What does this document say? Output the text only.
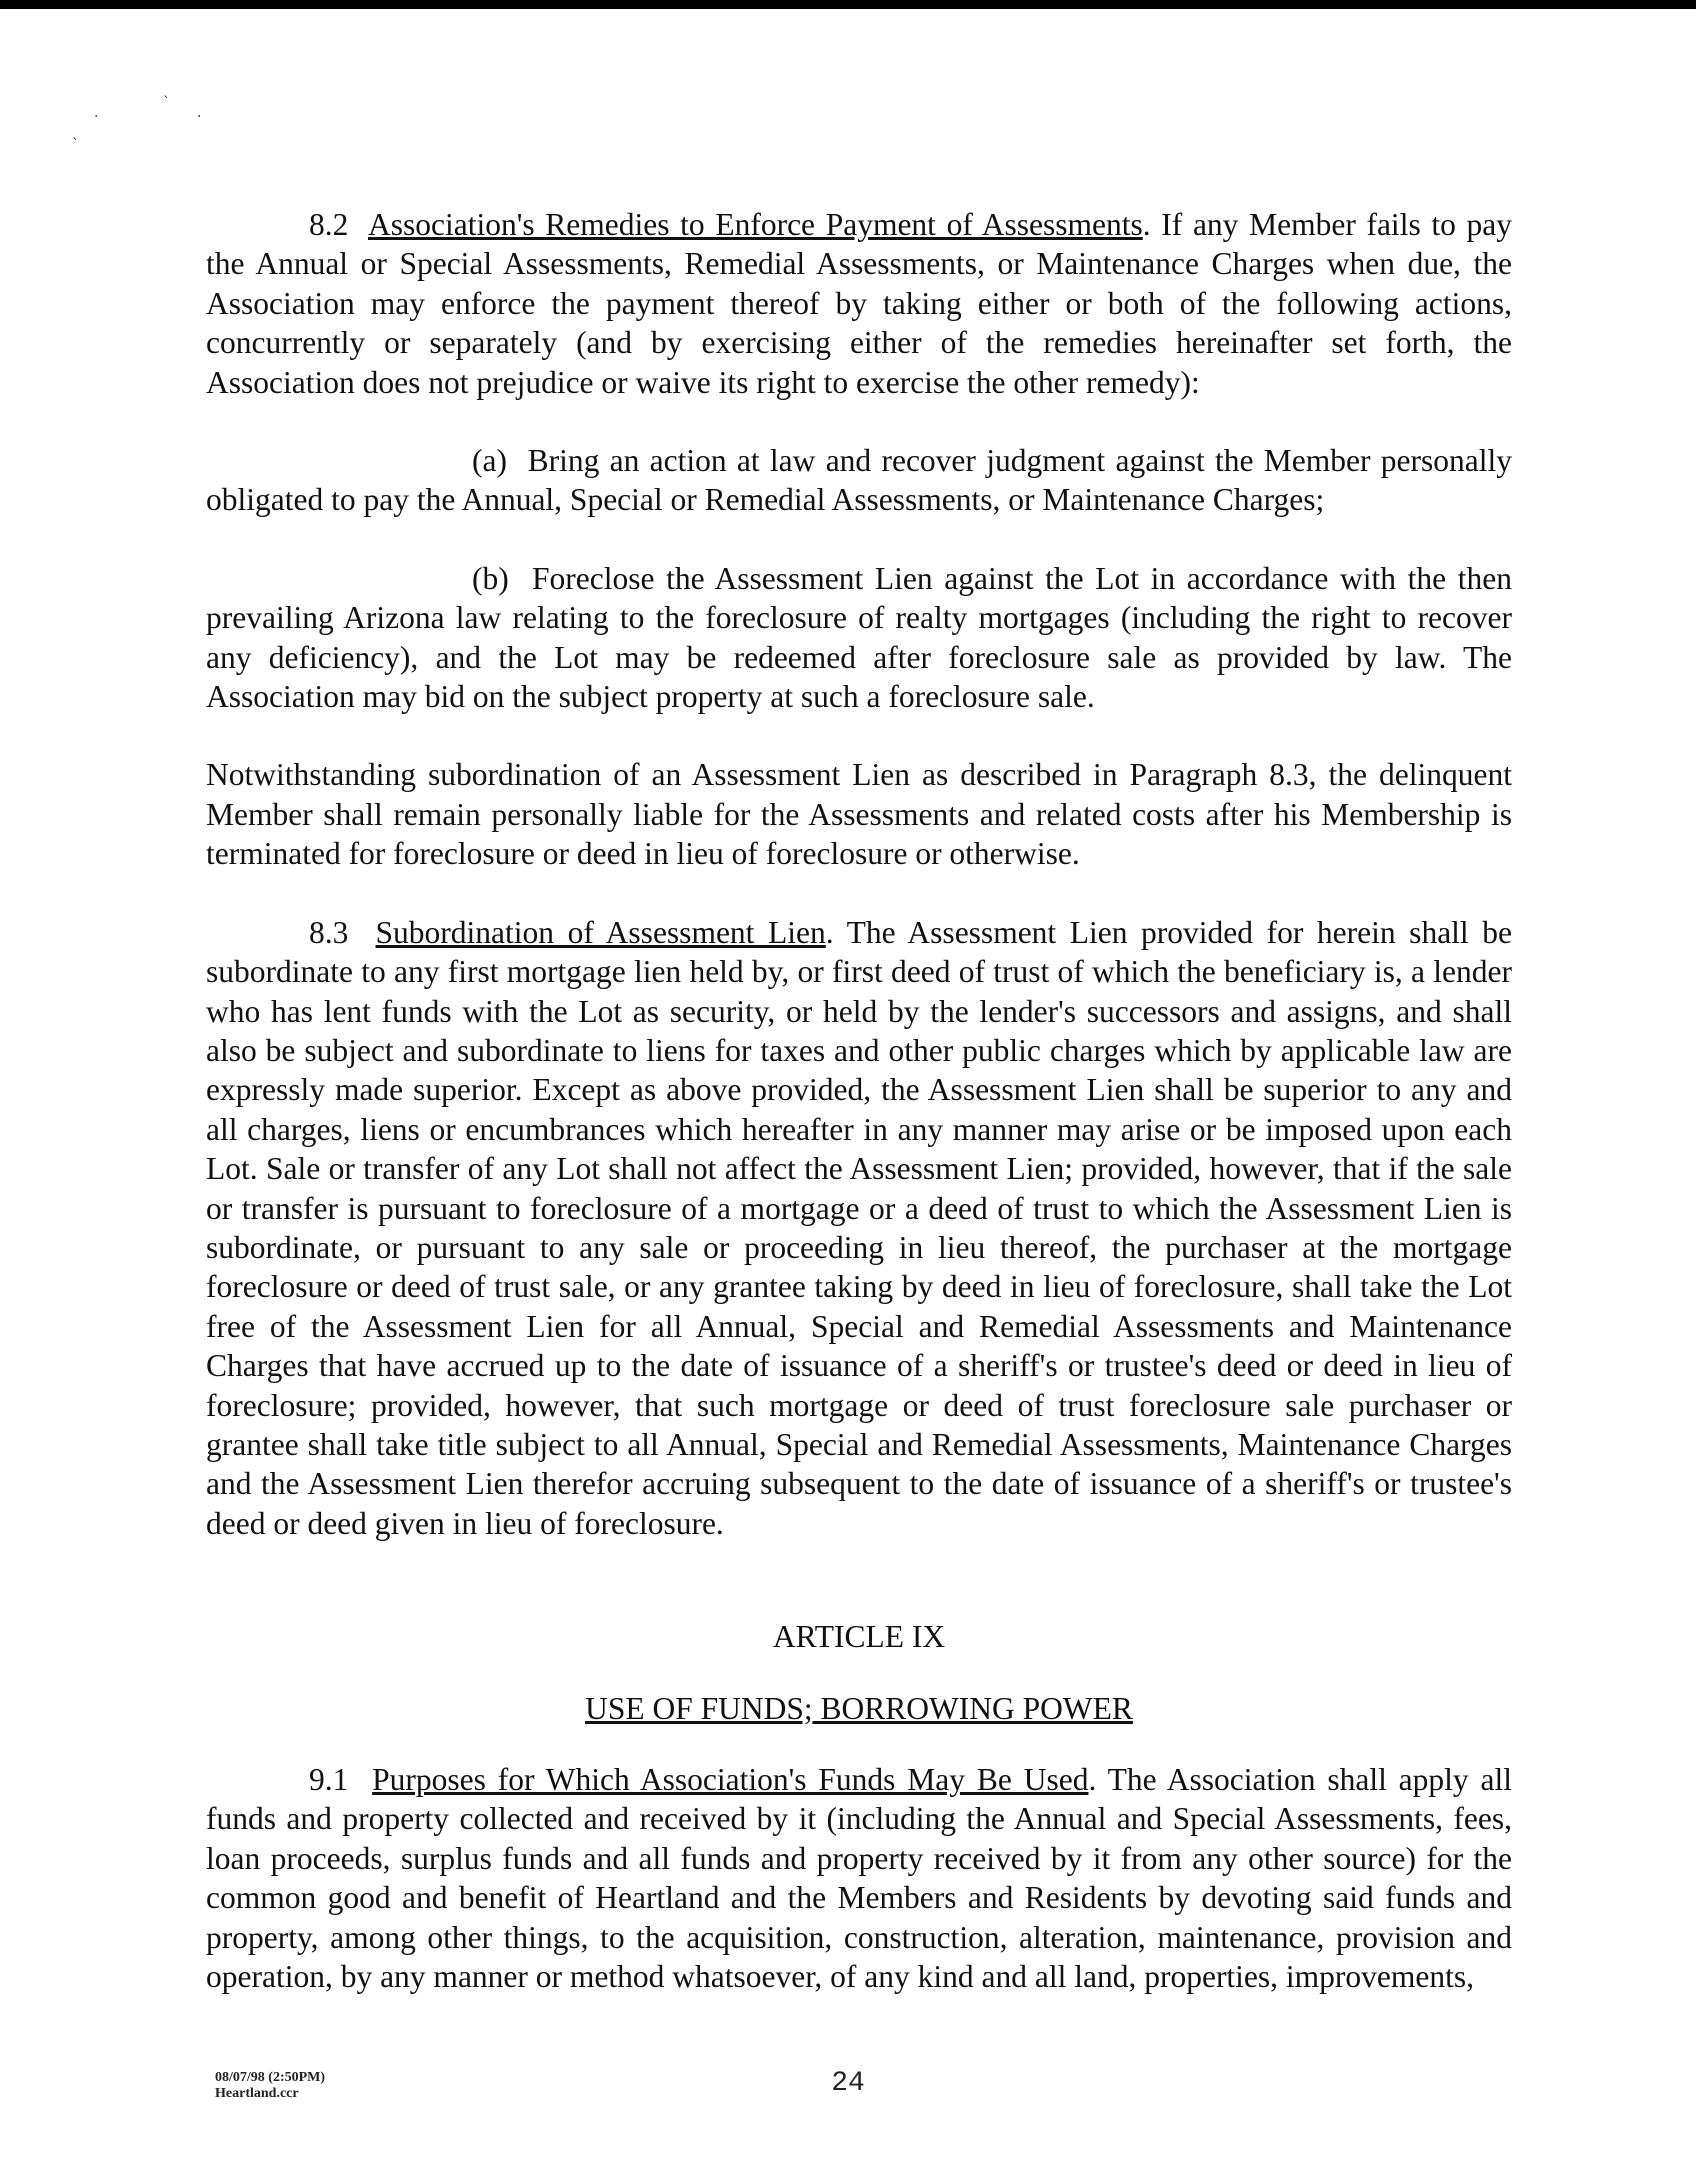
ˋ
·	·
ˋ

8.2 Association's Remedies to Enforce Payment of Assessments. If any Member fails to pay the Annual or Special Assessments, Remedial Assessments, or Maintenance Charges when due, the Association may enforce the payment thereof by taking either or both of the following actions, concurrently or separately (and by exercising either of the remedies hereinafter set forth, the Association does not prejudice or waive its right to exercise the other remedy):

(a) Bring an action at law and recover judgment against the Member personally obligated to pay the Annual, Special or Remedial Assessments, or Maintenance Charges;

(b) Foreclose the Assessment Lien against the Lot in accordance with the then prevailing Arizona law relating to the foreclosure of realty mortgages (including the right to recover any deficiency), and the Lot may be redeemed after foreclosure sale as provided by law. The Association may bid on the subject property at such a foreclosure sale.

Notwithstanding subordination of an Assessment Lien as described in Paragraph 8.3, the delinquent Member shall remain personally liable for the Assessments and related costs after his Membership is terminated for foreclosure or deed in lieu of foreclosure or otherwise.

8.3 Subordination of Assessment Lien. The Assessment Lien provided for herein shall be subordinate to any first mortgage lien held by, or first deed of trust of which the beneficiary is, a lender who has lent funds with the Lot as security, or held by the lender's successors and assigns, and shall also be subject and subordinate to liens for taxes and other public charges which by applicable law are expressly made superior. Except as above provided, the Assessment Lien shall be superior to any and all charges, liens or encumbrances which hereafter in any manner may arise or be imposed upon each Lot. Sale or transfer of any Lot shall not affect the Assessment Lien; provided, however, that if the sale or transfer is pursuant to foreclosure of a mortgage or a deed of trust to which the Assessment Lien is subordinate, or pursuant to any sale or proceeding in lieu thereof, the purchaser at the mortgage foreclosure or deed of trust sale, or any grantee taking by deed in lieu of foreclosure, shall take the Lot free of the Assessment Lien for all Annual, Special and Remedial Assessments and Maintenance Charges that have accrued up to the date of issuance of a sheriff's or trustee's deed or deed in lieu of foreclosure; provided, however, that such mortgage or deed of trust foreclosure sale purchaser or grantee shall take title subject to all Annual, Special and Remedial Assessments, Maintenance Charges and the Assessment Lien therefor accruing subsequent to the date of issuance of a sheriff's or trustee's deed or deed given in lieu of foreclosure.

ARTICLE IX

USE OF FUNDS; BORROWING POWER

9.1 Purposes for Which Association's Funds May Be Used. The Association shall apply all funds and property collected and received by it (including the Annual and Special Assessments, fees, loan proceeds, surplus funds and all funds and property received by it from any other source) for the common good and benefit of Heartland and the Members and Residents by devoting said funds and property, among other things, to the acquisition, construction, alteration, maintenance, provision and operation, by any manner or method whatsoever, of any kind and all land, properties, improvements,

08/07/98 (2:50PM)
Heartland.ccr	24
